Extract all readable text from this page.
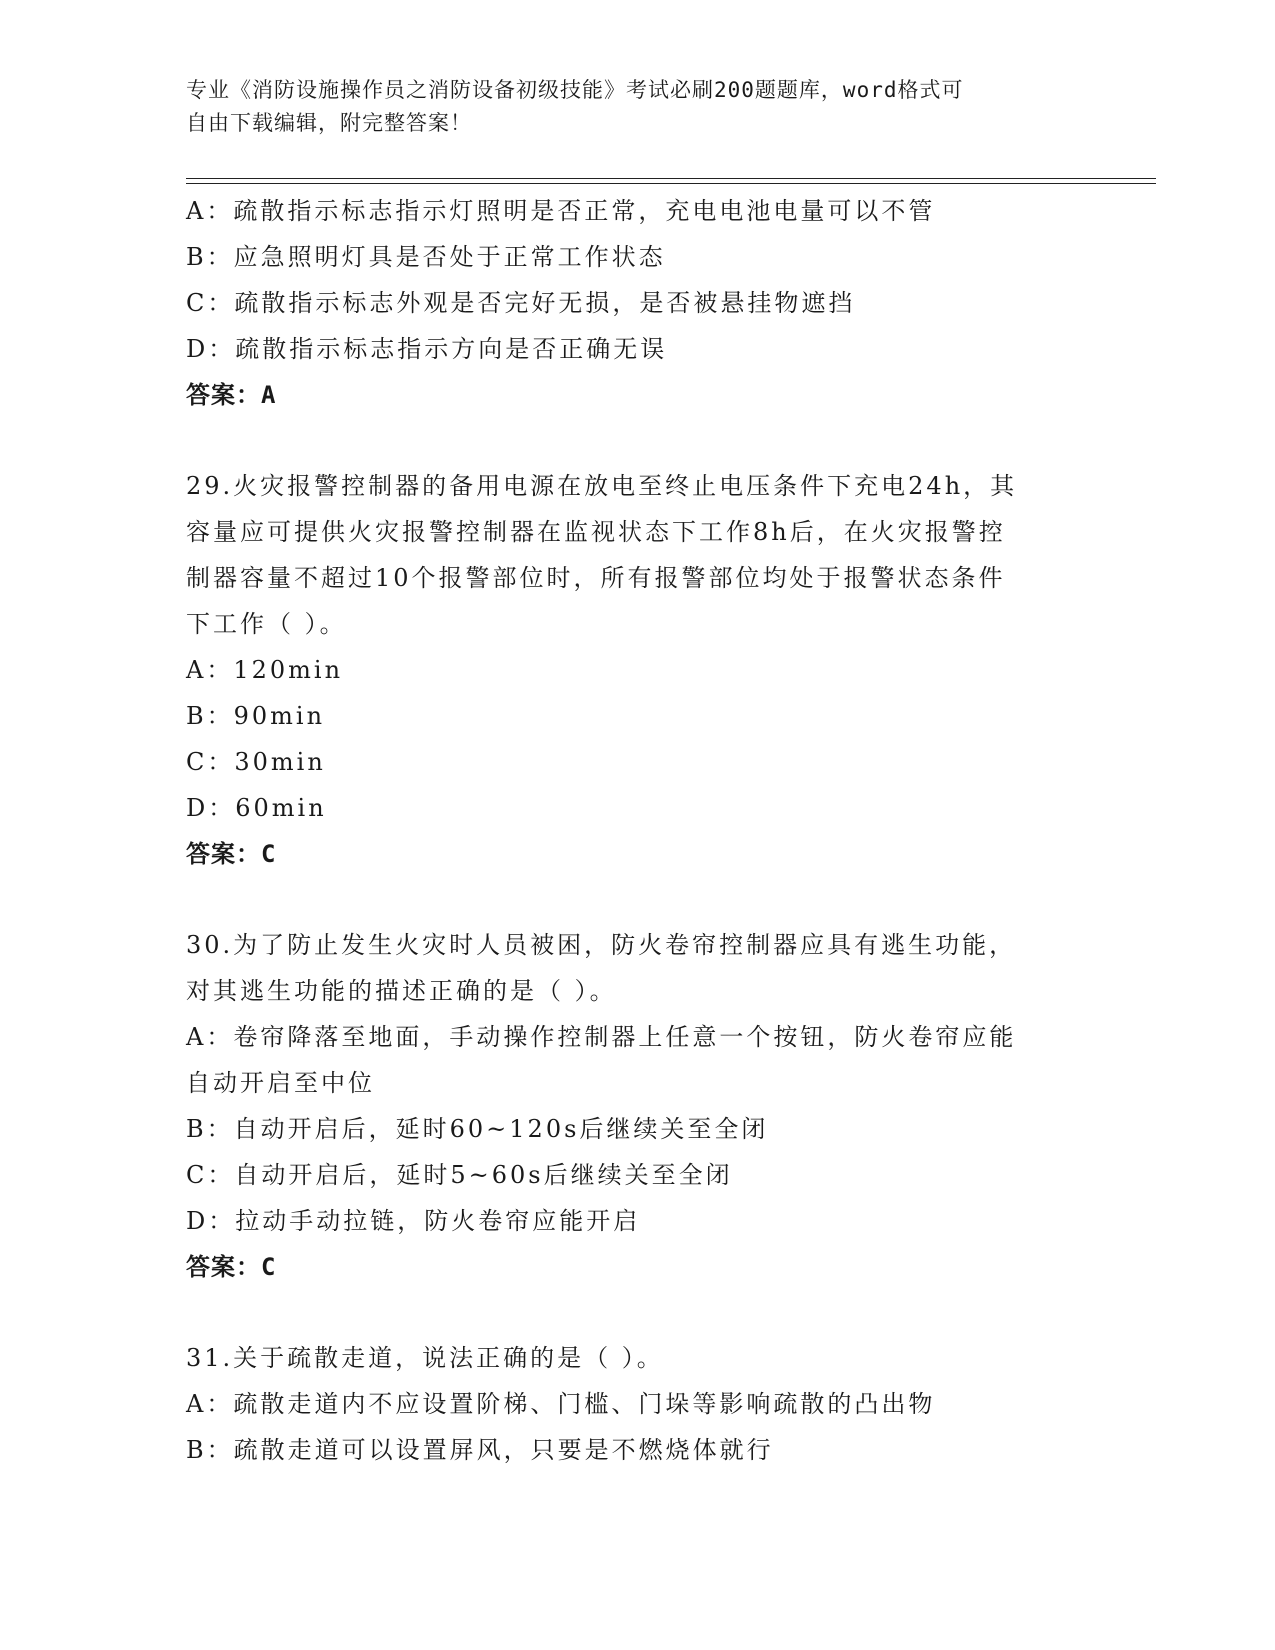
专业《消防设施操作员之消防设备初级技能》考试必刷200题题库，word格式可
自由下载编辑，附完整答案！
A：疏散指示标志指示灯照明是否正常，充电电池电量可以不管
B：应急照明灯具是否处于正常工作状态
C：疏散指示标志外观是否完好无损，是否被悬挂物遮挡
D：疏散指示标志指示方向是否正确无误
答案：A
29.火灾报警控制器的备用电源在放电至终止电压条件下充电24h，其
容量应可提供火灾报警控制器在监视状态下工作8h后，在火灾报警控
制器容量不超过10个报警部位时，所有报警部位均处于报警状态条件
下工作（ ）。
A：120min
B：90min
C：30min
D：60min
答案：C
30.为了防止发生火灾时人员被困，防火卷帘控制器应具有逃生功能，
对其逃生功能的描述正确的是（ ）。
A：卷帘降落至地面，手动操作控制器上任意一个按钮，防火卷帘应能
自动开启至中位
B：自动开启后，延时60~120s后继续关至全闭
C：自动开启后，延时5~60s后继续关至全闭
D：拉动手动拉链，防火卷帘应能开启
答案：C
31.关于疏散走道，说法正确的是（ ）。
A：疏散走道内不应设置阶梯、门槛、门垛等影响疏散的凸出物
B：疏散走道可以设置屏风，只要是不燃烧体就行
